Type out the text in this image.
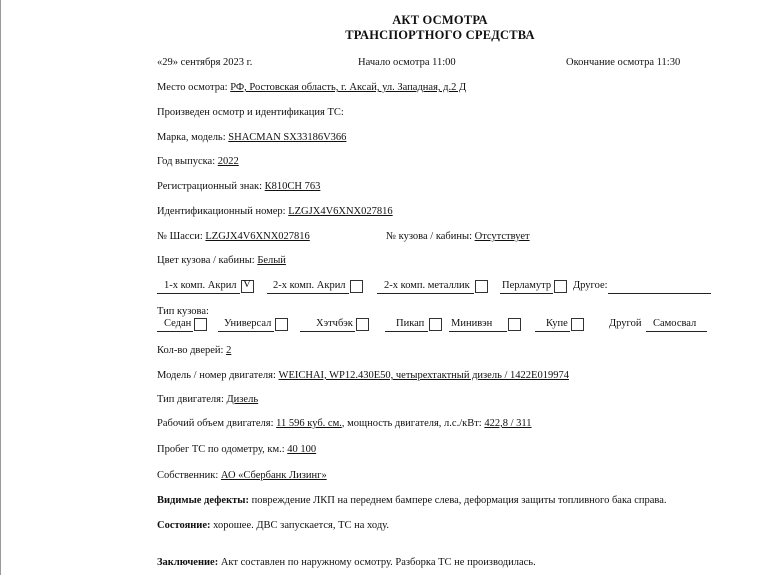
АКТ ОСМОТРА
ТРАНСПОРТНОГО СРЕДСТВА
«29» сентября 2023 г.	Начало осмотра 11:00	Окончание осмотра 11:30
Место осмотра: РФ, Ростовская область, г. Аксай, ул. Западная, д.2 Д
Произведен осмотр и идентификация ТС:
Марка, модель: SHACMAN SX33186V366
Год выпуска: 2022
Регистрационный знак: К810СН 763
Идентификационный номер: LZGJX4V6XNX027816
№ Шасси: LZGJX4V6XNX027816	№ кузова / кабины: Отсутствует
Цвет кузова / кабины: Белый
1-х комп. Акрил V 2-х комп. Акрил	2-х комп. металлик	Перламутр Другое:
Тип кузова:
Седан	Универсал	Хэтчбэк	Пикап	Минивэн	Купе	Другой Самосвал
Кол-во дверей: 2
Модель / номер двигателя: WEICHAI, WP12.430E50, четырехтактный дизель / 1422E019974
Тип двигателя: Дизель
Рабочий объем двигателя: 11 596 куб. см., мощность двигателя, л.с./кВт: 422,8 / 311
Пробег ТС по одометру, км.: 40 100
Собственник: АО «Сбербанк Лизинг»
Видимые дефекты: повреждение ЛКП на переднем бампере слева, деформация защиты топливного бака справа.
Состояние: хорошее. ДВС запускается, ТС на ходу.
Заключение: Акт составлен по наружному осмотру. Разборка ТС не производилась.
